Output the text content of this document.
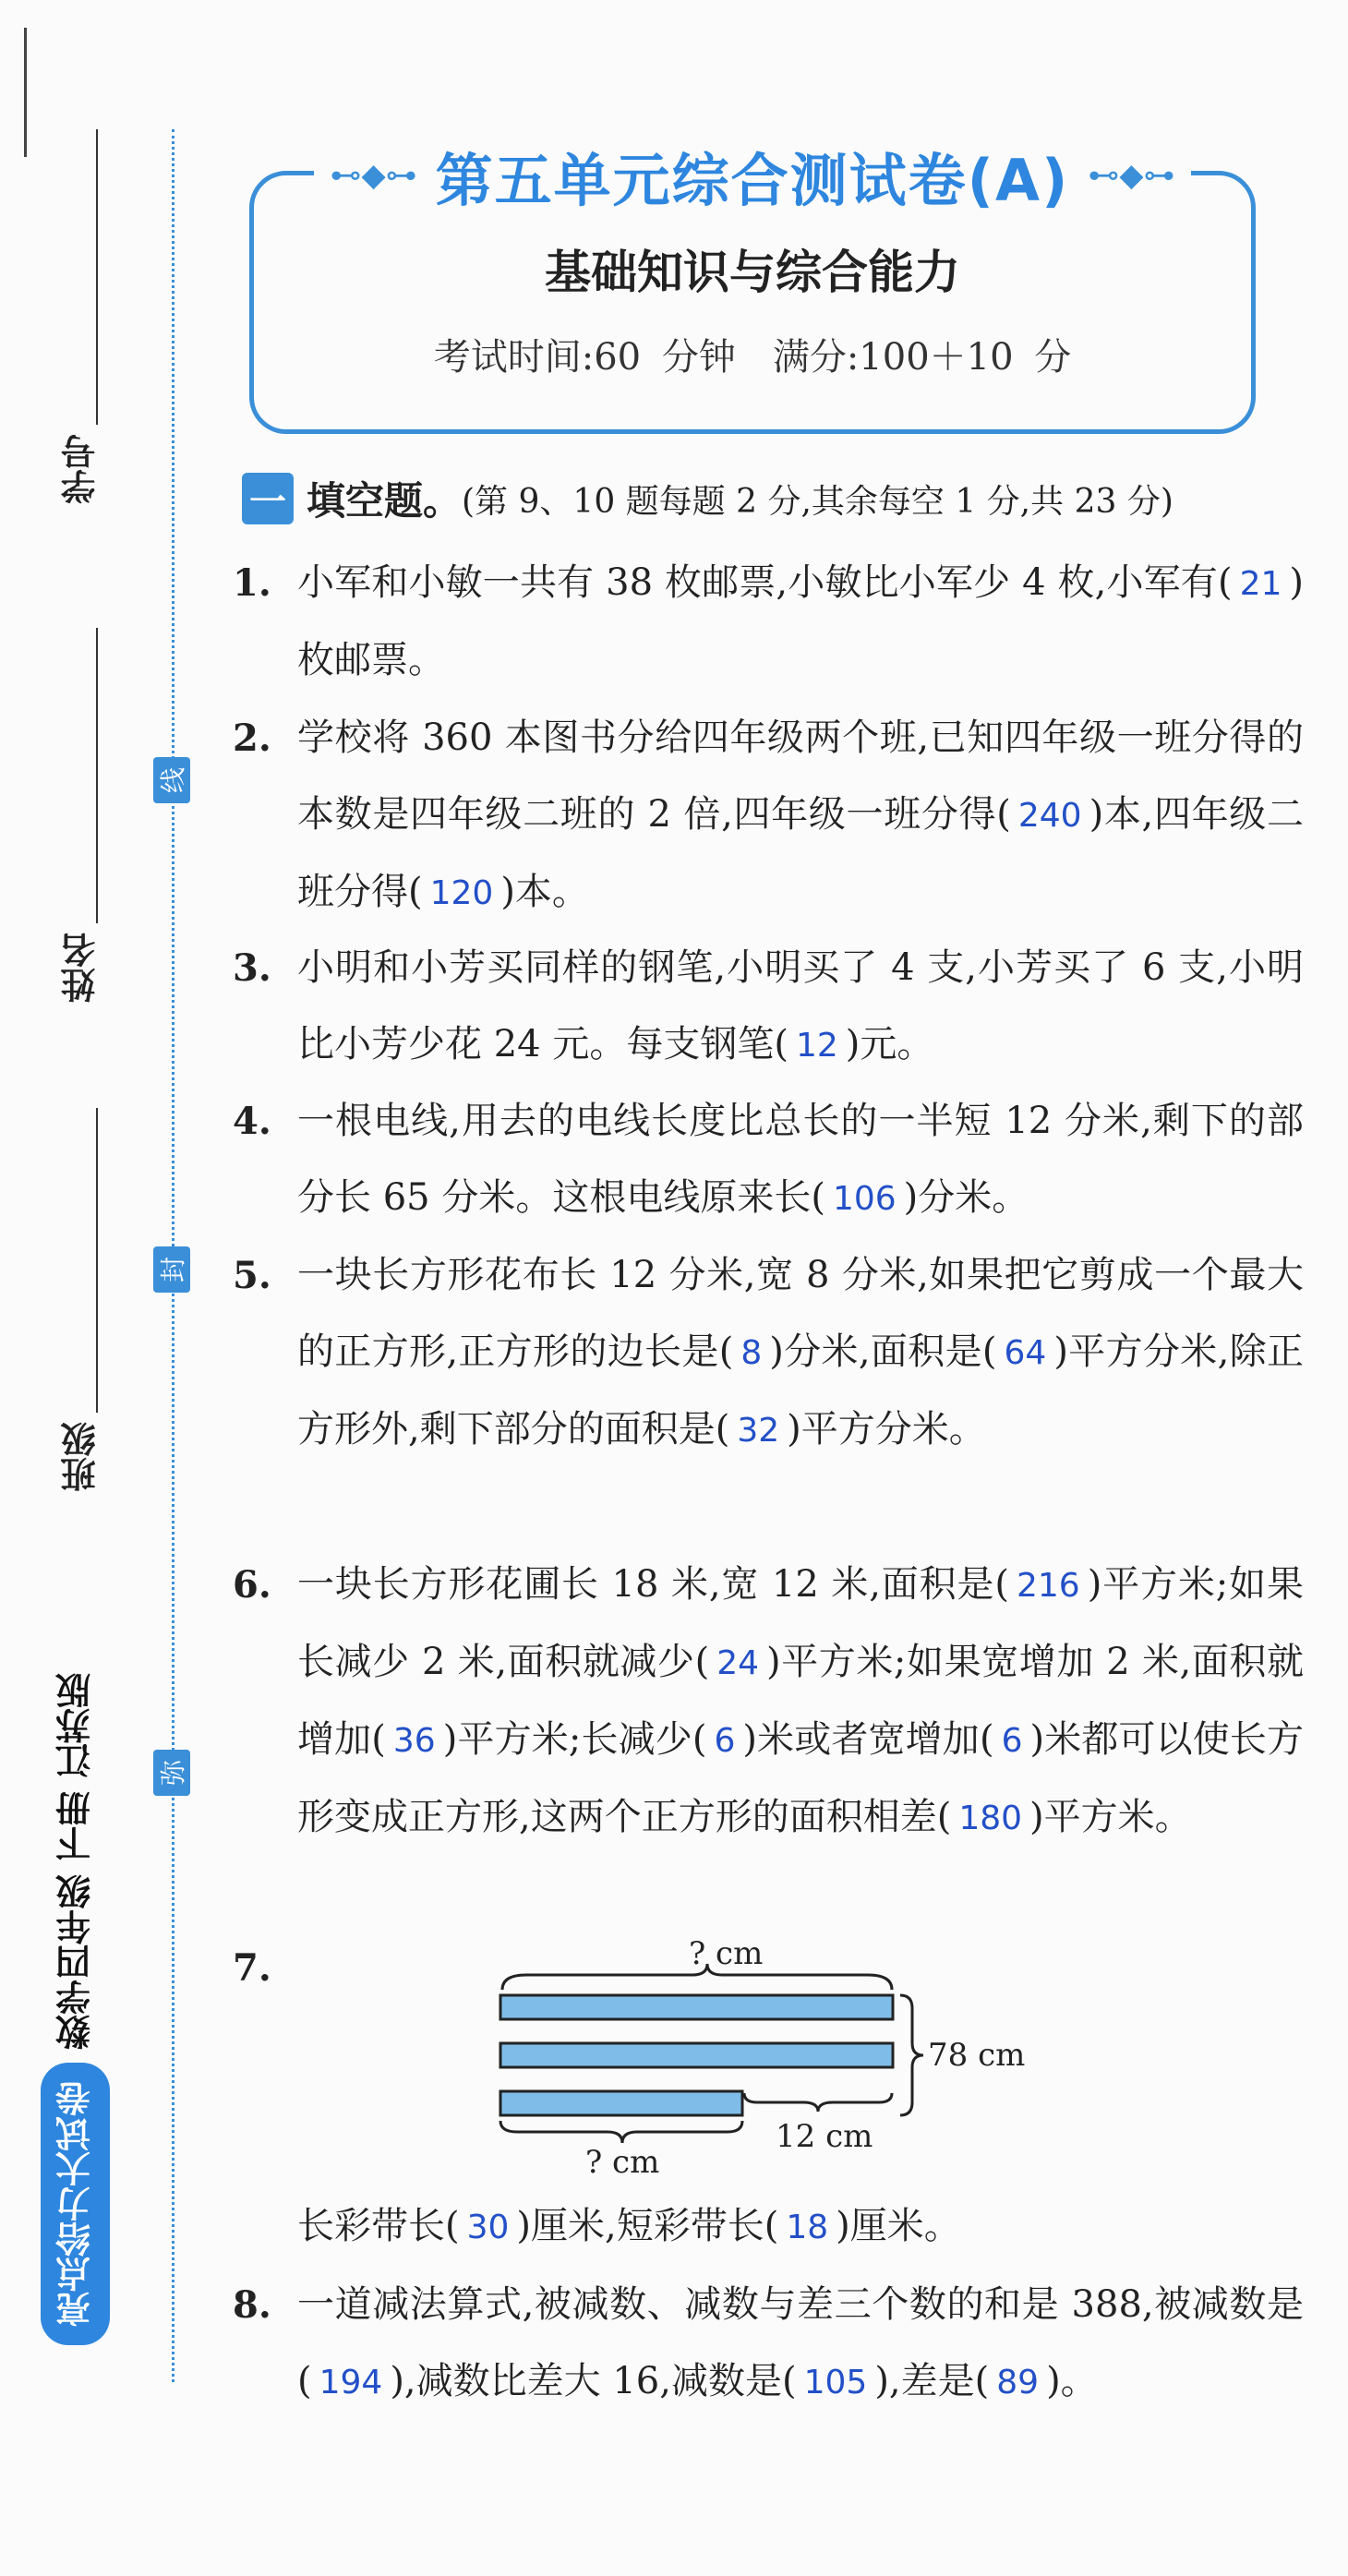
学号
姓名
班级
线
封
弥
亮点给力大试卷
数学四年级
下册
江苏版
⊷◆⊶ 第五单元综合测试卷(A) ⊷◆⊶
基础知识与综合能力
考试时间:60 分钟　满分:100＋10 分
一 填空题。 (第 9、10 题每题 2 分,其余每空 1 分,共 23 分)
1. 小军和小敏一共有 38 枚邮票,小敏比小军少 4 枚,小军有( 21 )枚邮票。
2. 学校将 360 本图书分给四年级两个班,已知四年级一班分得的本数是四年级二班的 2 倍,四年级一班分得( 240 )本,四年级二班分得( 120 )本。
3. 小明和小芳买同样的钢笔,小明买了 4 支,小芳买了 6 支,小明比小芳少花 24 元。每支钢笔( 12 )元。
4. 一根电线,用去的电线长度比总长的一半短 12 分米,剩下的部分长 65 分米。这根电线原来长( 106 )分米。
5. 一块长方形花布长 12 分米,宽 8 分米,如果把它剪成一个最大的正方形,正方形的边长是( 8 )分米,面积是( 64 )平方分米,除正方形外,剩下部分的面积是( 32 )平方分米。
6. 一块长方形花圃长 18 米,宽 12 米,面积是( 216 )平方米;如果长减少 2 米,面积就减少( 24 )平方米;如果宽增加 2 米,面积就增加( 36 )平方米;长减少( 6 )米或者宽增加( 6 )米都可以使长方形变成正方形,这两个正方形的面积相差( 180 )平方米。
7.	? cm
78 cm
12 cm
? cm
长彩带长( 30 )厘米,短彩带长( 18 )厘米。
8. 一道减法算式,被减数、减数与差三个数的和是 388,被减数是( 194 ),减数比差大 16,减数是( 105 ),差是( 89 )。
